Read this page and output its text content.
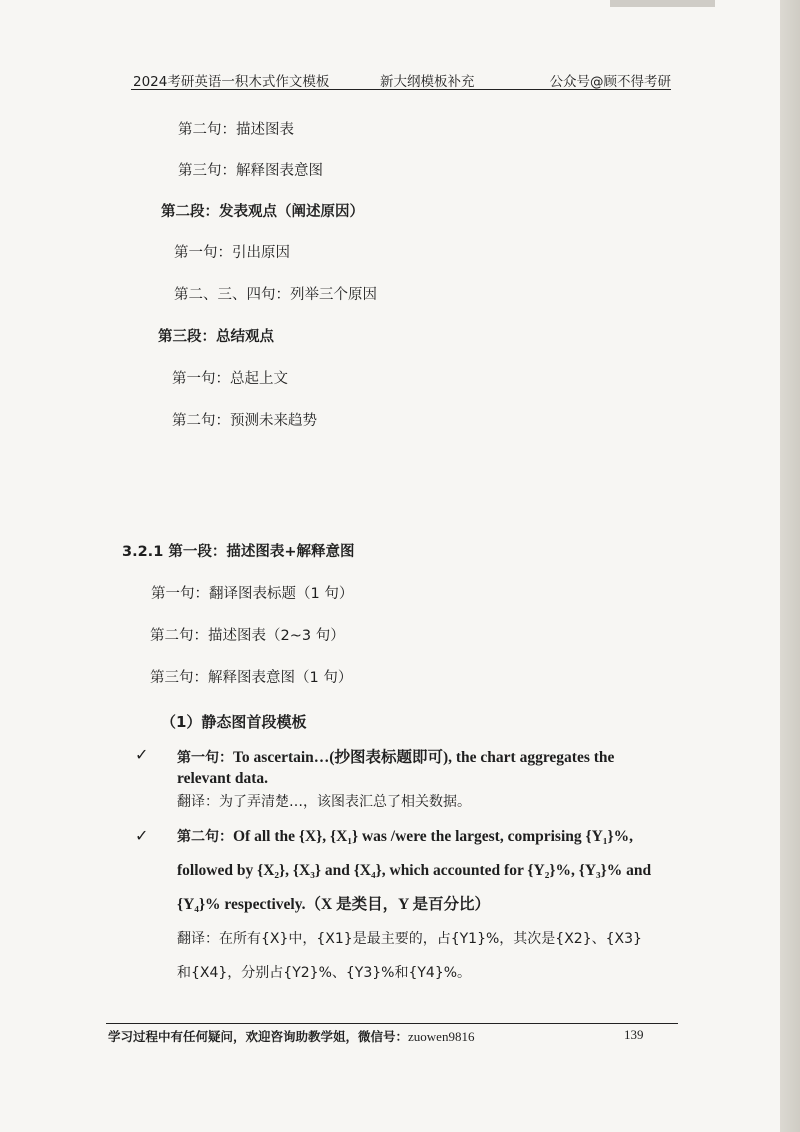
2024考研英语一积木式作文模板	新大纲模板补充	公众号@顾不得考研
第二句：描述图表
第三句：解释图表意图
第二段：发表观点（阐述原因）
第一句：引出原因
第二、三、四句：列举三个原因
第三段：总结观点
第一句：总起上文
第二句：预测未来趋势
3.2.1 第一段：描述图表+解释意图
第一句：翻译图表标题（1 句）
第二句：描述图表（2~3 句）
第三句：解释图表意图（1 句）
（1）静态图首段模板
✓ 第一句：To ascertain…(抄图表标题即可), the chart aggregates the
relevant data.
翻译：为了弄清楚…，该图表汇总了相关数据。
✓ 第二句：Of all the {X}, {X₁} was /were the largest, comprising {Y₁}%,
followed by {X₂}, {X₃} and {X₄}, which accounted for {Y₂}%, {Y₃}% and
{Y₄}% respectively.（X 是类目，Y 是百分比）
翻译：在所有{X}中，{X1}是最主要的，占{Y1}%，其次是{X2}、{X3}
和{X4}，分别占{Y2}%、{Y3}%和{Y4}%。
学习过程中有任何疑问，欢迎咨询助教学姐，微信号：zuowen9816	139
